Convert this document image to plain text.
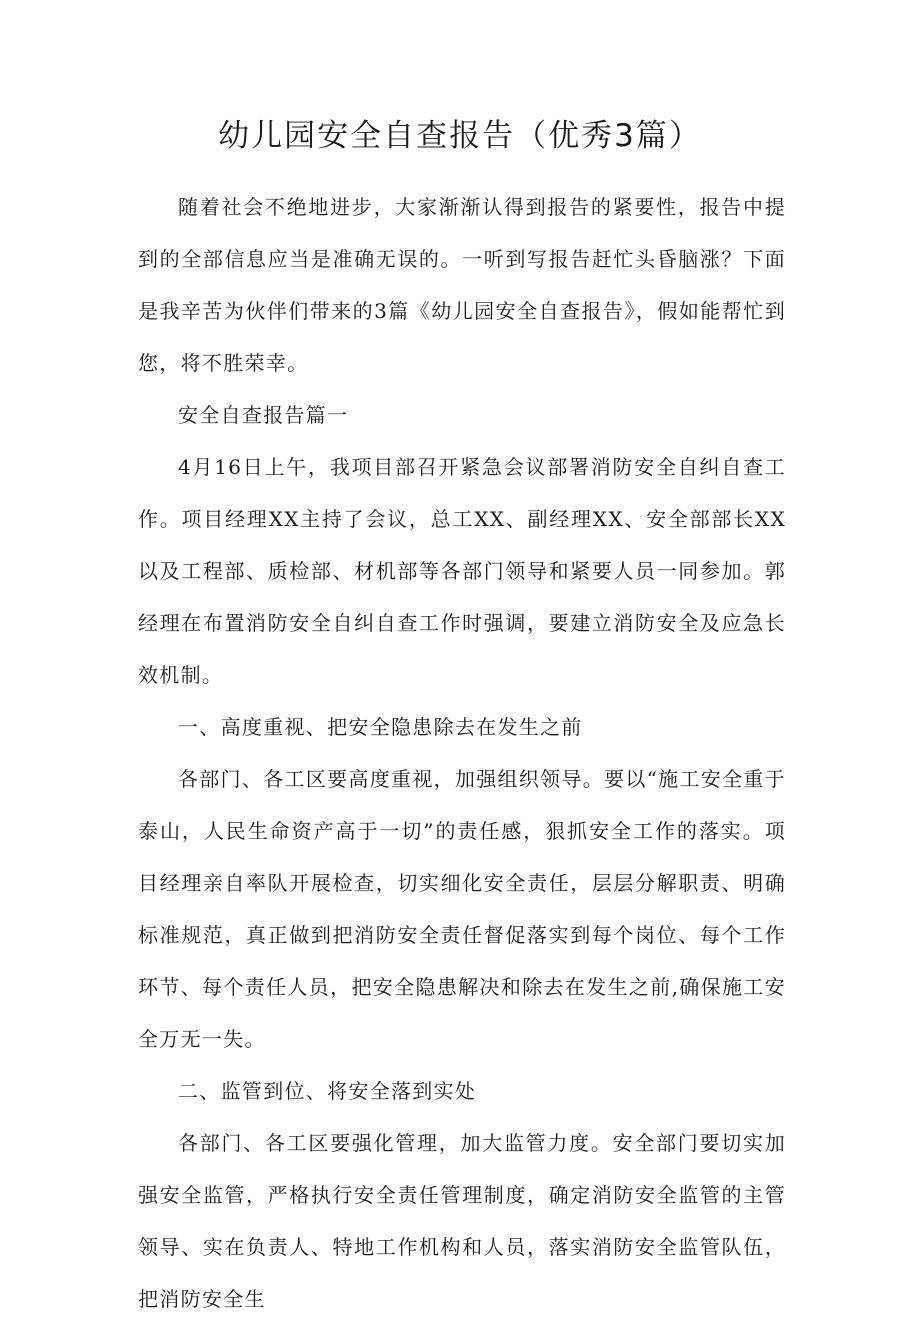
幼儿园安全自查报告（优秀3篇）

随着社会不绝地进步，大家渐渐认得到报告的紧要性，报告中提到的全部信息应当是准确无误的。一听到写报告赶忙头昏脑涨？下面是我辛苦为伙伴们带来的3篇《幼儿园安全自查报告》，假如能帮忙到您，将不胜荣幸。

安全自查报告篇一

4月16日上午，我项目部召开紧急会议部署消防安全自纠自查工作。项目经理XX主持了会议，总工XX、副经理XX、安全部部长XX以及工程部、质检部、材机部等各部门领导和紧要人员一同参加。郭经理在布置消防安全自纠自查工作时强调，要建立消防安全及应急长效机制。

一、高度重视、把安全隐患除去在发生之前

各部门、各工区要高度重视，加强组织领导。要以“施工安全重于泰山，人民生命资产高于一切”的责任感，狠抓安全工作的落实。项目经理亲自率队开展检查，切实细化安全责任，层层分解职责、明确标准规范，真正做到把消防安全责任督促落实到每个岗位、每个工作环节、每个责任人员，把安全隐患解决和除去在发生之前,确保施工安全万无一失。

二、监管到位、将安全落到实处

各部门、各工区要强化管理，加大监管力度。安全部门要切实加强安全监管，严格执行安全责任管理制度，确定消防安全监管的主管领导、实在负责人、特地工作机构和人员，落实消防安全监管队伍，把消防安全生
